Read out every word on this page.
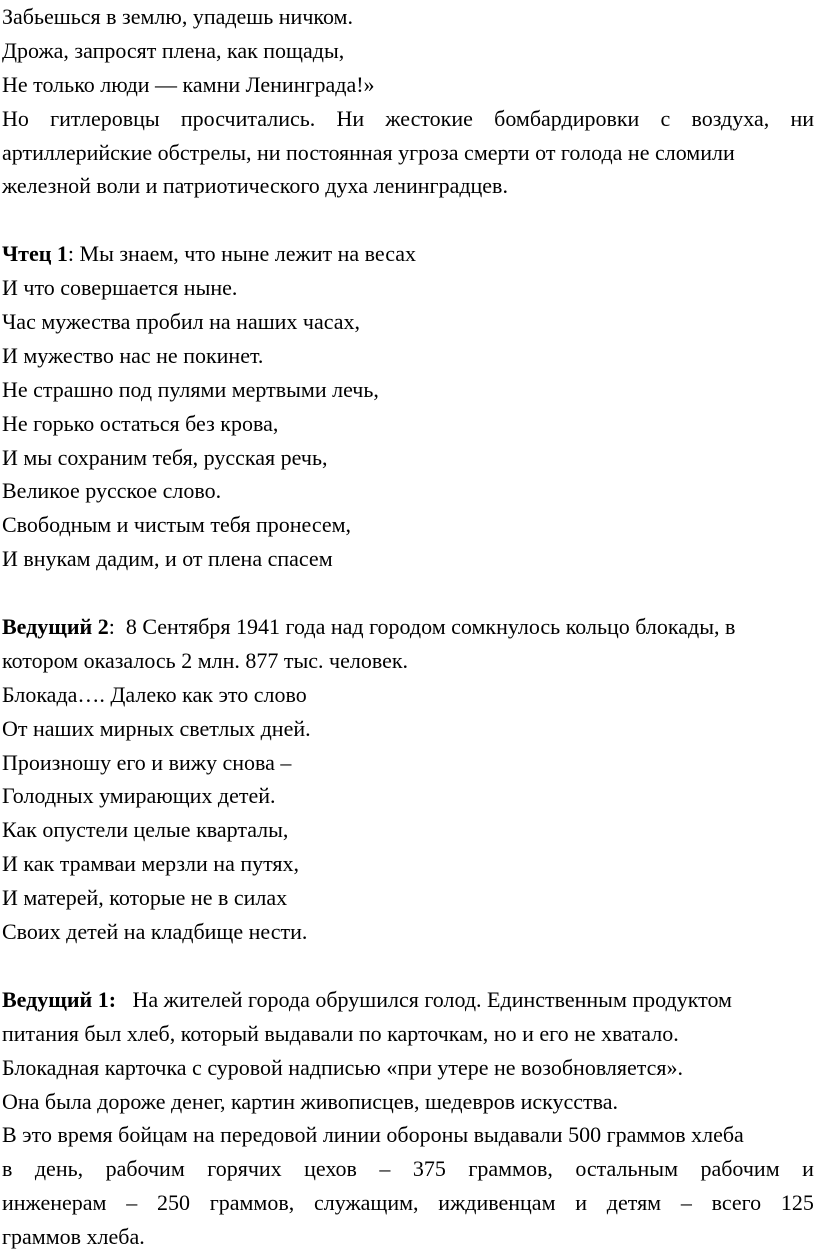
Забьешься в землю, упадешь ничком.
Дрожа, запросят плена, как пощады,
Не только люди — камни Ленинграда!»
Но гитлеровцы просчитались. Ни жестокие бомбардировки с воздуха, ни
артиллерийские обстрелы, ни постоянная угроза смерти от голода не сломили
железной воли и патриотического духа ленинградцев.
Чтец 1: Мы знаем, что ныне лежит на весах
И что совершается ныне.
Час мужества пробил на наших часах,
И мужество нас не покинет.
Не страшно под пулями мертвыми лечь,
Не горько остаться без крова,
И мы сохраним тебя, русская речь,
Великое русское слово.
Свободным и чистым тебя пронесем,
И внукам дадим, и от плена спасем
Ведущий 2:  8 Сентября 1941 года над городом сомкнулось кольцо блокады, в
котором оказалось 2 млн. 877 тыс. человек.
Блокада…. Далеко как это слово
От наших мирных светлых дней.
Произношу его и вижу снова –
Голодных умирающих детей.
Как опустели целые кварталы,
И как трамваи мерзли на путях,
И матерей, которые не в силах
Своих детей на кладбище нести.
Ведущий 1:   На жителей города обрушился голод. Единственным продуктом
питания был хлеб, который выдавали по карточкам, но и его не хватало.
Блокадная карточка с суровой надписью «при утере не возобновляется».
Она была дороже денег, картин живописцев, шедевров искусства.
В это время бойцам на передовой линии обороны выдавали 500 граммов хлеба
в день, рабочим горячих цехов – 375 граммов, остальным рабочим и
инженерам – 250 граммов, служащим, иждивенцам и детям – всего 125
граммов хлеба.
